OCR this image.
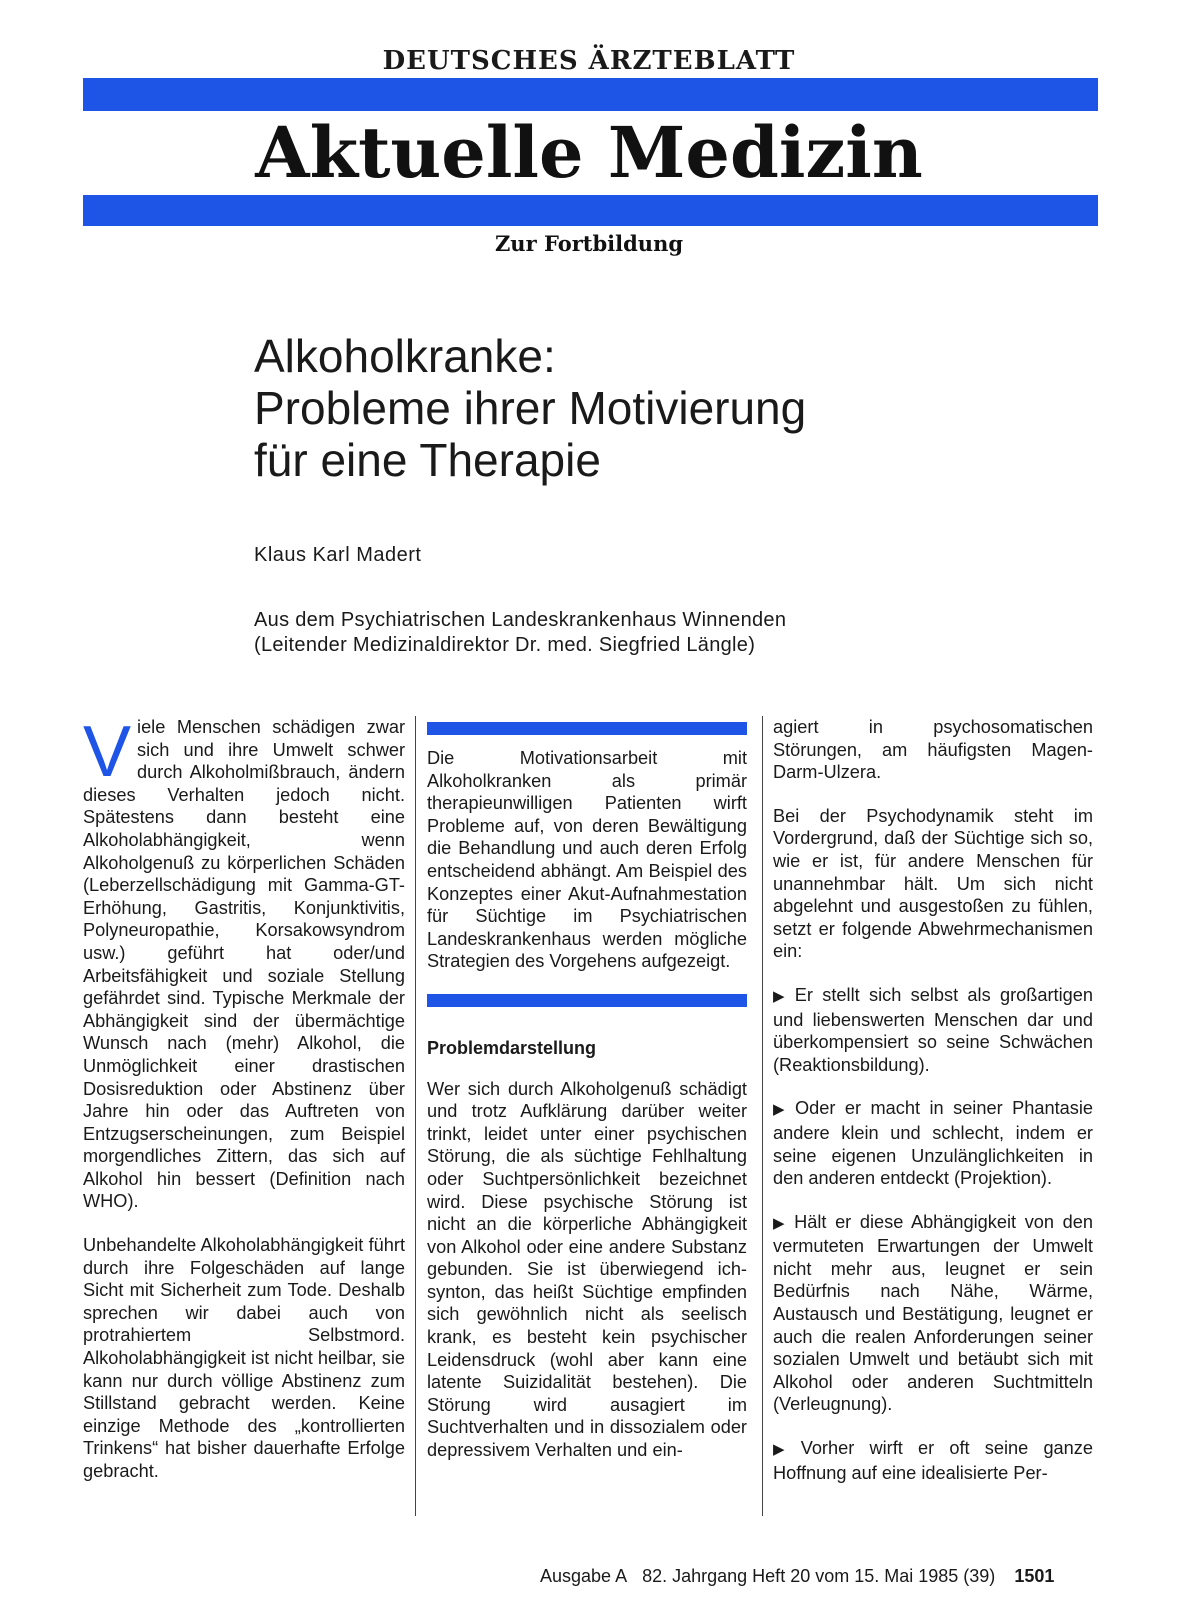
DEUTSCHES ÄRZTEBLATT
Aktuelle Medizin
Zur Fortbildung
Alkoholkranke:
Probleme ihrer Motivierung
für eine Therapie
Klaus Karl Madert
Aus dem Psychiatrischen Landeskrankenhaus Winnenden
(Leitender Medizinaldirektor Dr. med. Siegfried Längle)

Viele Menschen schädigen zwar sich und ihre Umwelt schwer durch Alkoholmißbrauch, ändern dieses Verhalten jedoch nicht. Spätestens dann besteht eine Alkoholabhängigkeit, wenn Alkoholgenuß zu körperlichen Schäden (Leberzellschädigung mit Gamma-GT-Erhöhung, Gastritis, Konjunktivitis, Polyneuropathie, Korsakowsyndrom usw.) geführt hat oder/und Arbeitsfähigkeit und soziale Stellung gefährdet sind. Typische Merkmale der Abhängigkeit sind der übermächtige Wunsch nach (mehr) Alkohol, die Unmöglichkeit einer drastischen Dosisreduktion oder Abstinenz über Jahre hin oder das Auftreten von Entzugserscheinungen, zum Beispiel morgendliches Zittern, das sich auf Alkohol hin bessert (Definition nach WHO).

Unbehandelte Alkoholabhängigkeit führt durch ihre Folgeschäden auf lange Sicht mit Sicherheit zum Tode. Deshalb sprechen wir dabei auch von protrahiertem Selbstmord. Alkoholabhängigkeit ist nicht heilbar, sie kann nur durch völlige Abstinenz zum Stillstand gebracht werden. Keine einzige Methode des „kontrollierten Trinkens“ hat bisher dauerhafte Erfolge gebracht.

Die Motivationsarbeit mit Alkoholkranken als primär therapieunwilligen Patienten wirft Probleme auf, von deren Bewältigung die Behandlung und auch deren Erfolg entscheidend abhängt. Am Beispiel des Konzeptes einer Akut-Aufnahmestation für Süchtige im Psychiatrischen Landeskrankenhaus werden mögliche Strategien des Vorgehens aufgezeigt.

Problemdarstellung

Wer sich durch Alkoholgenuß schädigt und trotz Aufklärung darüber weiter trinkt, leidet unter einer psychischen Störung, die als süchtige Fehlhaltung oder Suchtpersönlichkeit bezeichnet wird. Diese psychische Störung ist nicht an die körperliche Abhängigkeit von Alkohol oder eine andere Substanz gebunden. Sie ist überwiegend ich-synton, das heißt Süchtige empfinden sich gewöhnlich nicht als seelisch krank, es besteht kein psychischer Leidensdruck (wohl aber kann eine latente Suizidalität bestehen). Die Störung wird ausagiert im Suchtverhalten und in dissozialem oder depressivem Verhalten und ein-

agiert in psychosomatischen Störungen, am häufigsten Magen-Darm-Ulzera.

Bei der Psychodynamik steht im Vordergrund, daß der Süchtige sich so, wie er ist, für andere Menschen für unannehmbar hält. Um sich nicht abgelehnt und ausgestoßen zu fühlen, setzt er folgende Abwehrmechanismen ein:

▶ Er stellt sich selbst als großartigen und liebenswerten Menschen dar und überkompensiert so seine Schwächen (Reaktionsbildung).

▶ Oder er macht in seiner Phantasie andere klein und schlecht, indem er seine eigenen Unzulänglichkeiten in den anderen entdeckt (Projektion).

▶ Hält er diese Abhängigkeit von den vermuteten Erwartungen der Umwelt nicht mehr aus, leugnet er sein Bedürfnis nach Nähe, Wärme, Austausch und Bestätigung, leugnet er auch die realen Anforderungen seiner sozialen Umwelt und betäubt sich mit Alkohol oder anderen Suchtmitteln (Verleugnung).

▶ Vorher wirft er oft seine ganze Hoffnung auf eine idealisierte Per-

Ausgabe A 82. Jahrgang Heft 20 vom 15. Mai 1985 (39) 1501
